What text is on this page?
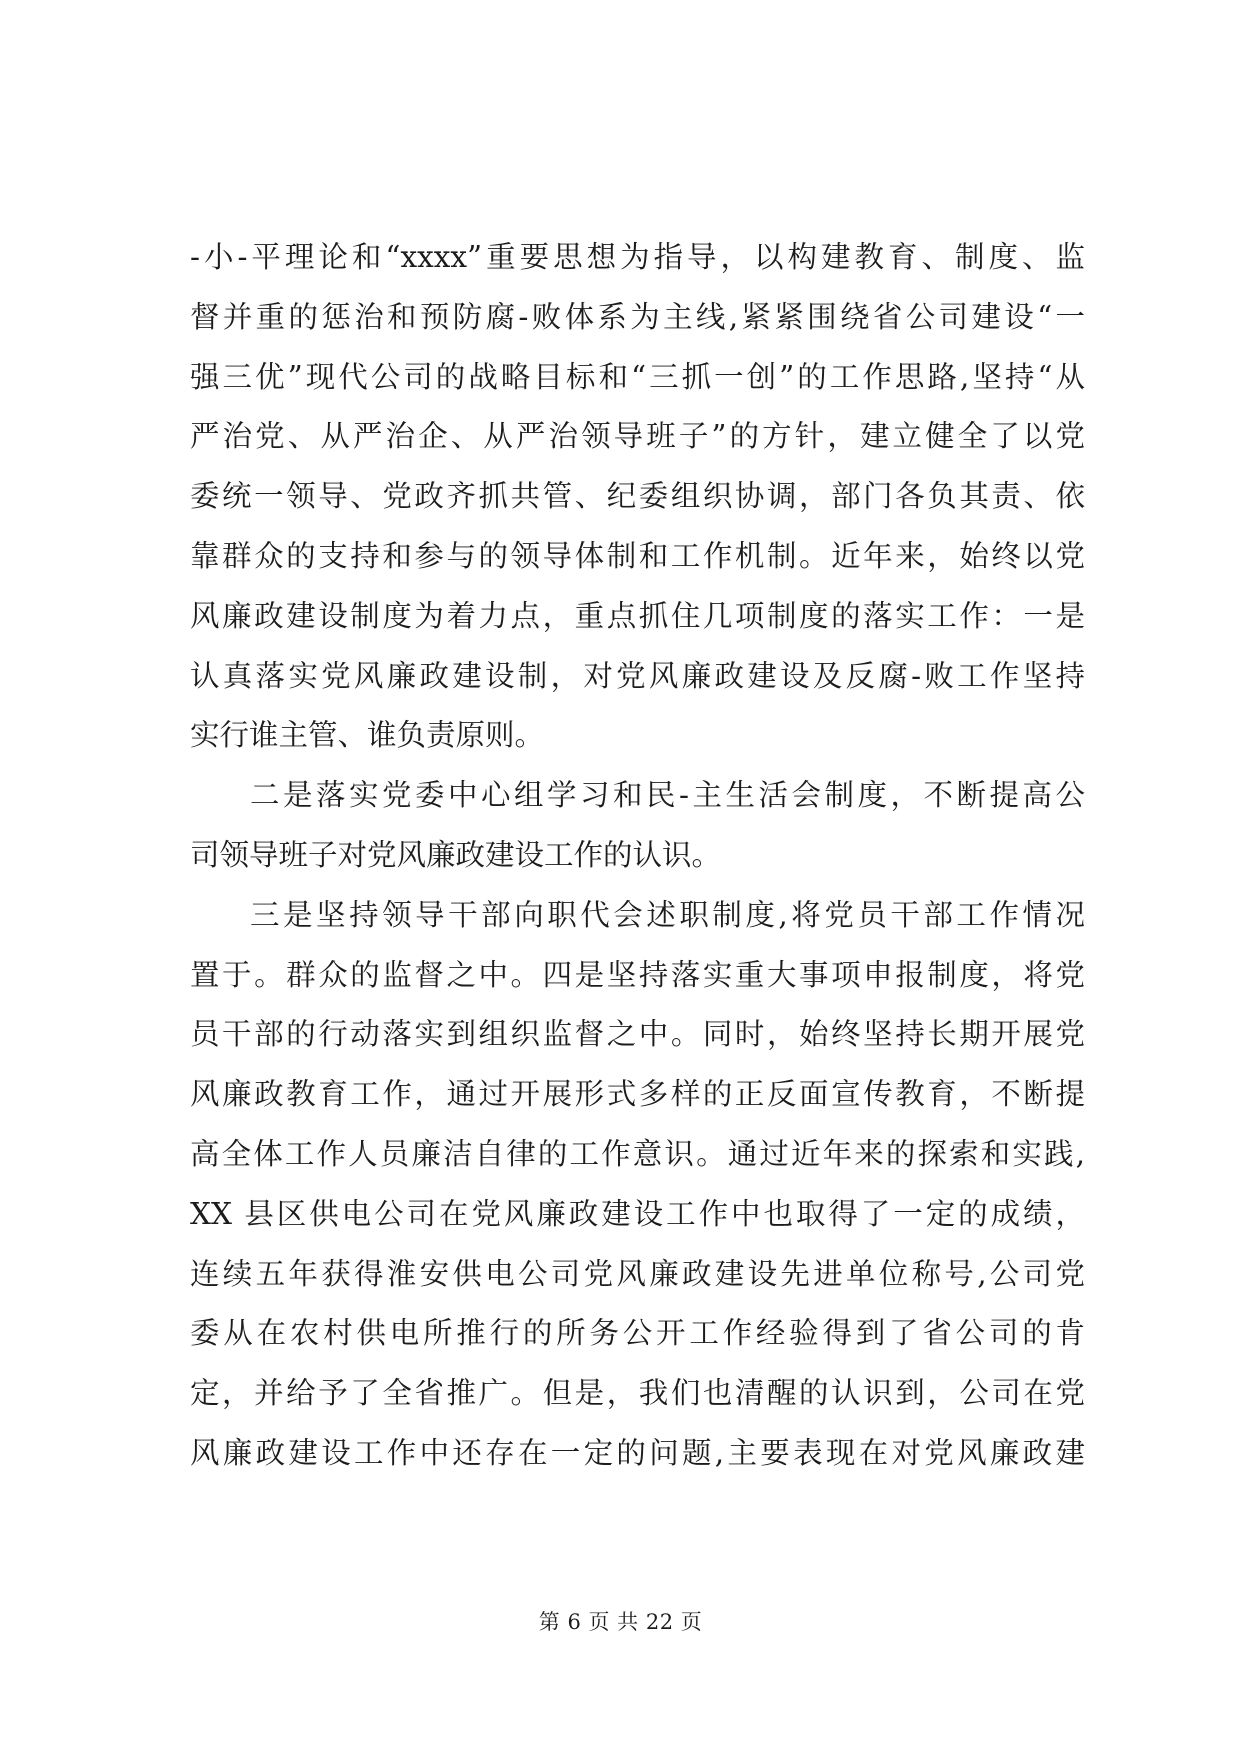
-小-平理论和“xxxx”重要思想为指导，以构建教育、制度、监
督并重的惩治和预防腐-败体系为主线,紧紧围绕省公司建设“一
强三优”现代公司的战略目标和“三抓一创”的工作思路,坚持“从
严治党、从严治企、从严治领导班子”的方针，建立健全了以党
委统一领导、党政齐抓共管、纪委组织协调，部门各负其责、依
靠群众的支持和参与的领导体制和工作机制。近年来，始终以党
风廉政建设制度为着力点，重点抓住几项制度的落实工作：一是
认真落实党风廉政建设制，对党风廉政建设及反腐-败工作坚持
实行谁主管、谁负责原则。
二是落实党委中心组学习和民-主生活会制度，不断提高公
司领导班子对党风廉政建设工作的认识。
三是坚持领导干部向职代会述职制度,将党员干部工作情况
置于。群众的监督之中。四是坚持落实重大事项申报制度，将党
员干部的行动落实到组织监督之中。同时，始终坚持长期开展党
风廉政教育工作，通过开展形式多样的正反面宣传教育，不断提
高全体工作人员廉洁自律的工作意识。通过近年来的探索和实践,
XX 县区供电公司在党风廉政建设工作中也取得了一定的成绩，
连续五年获得淮安供电公司党风廉政建设先进单位称号,公司党
委从在农村供电所推行的所务公开工作经验得到了省公司的肯
定，并给予了全省推广。但是，我们也清醒的认识到，公司在党
风廉政建设工作中还存在一定的问题,主要表现在对党风廉政建
第 6 页 共 22 页
